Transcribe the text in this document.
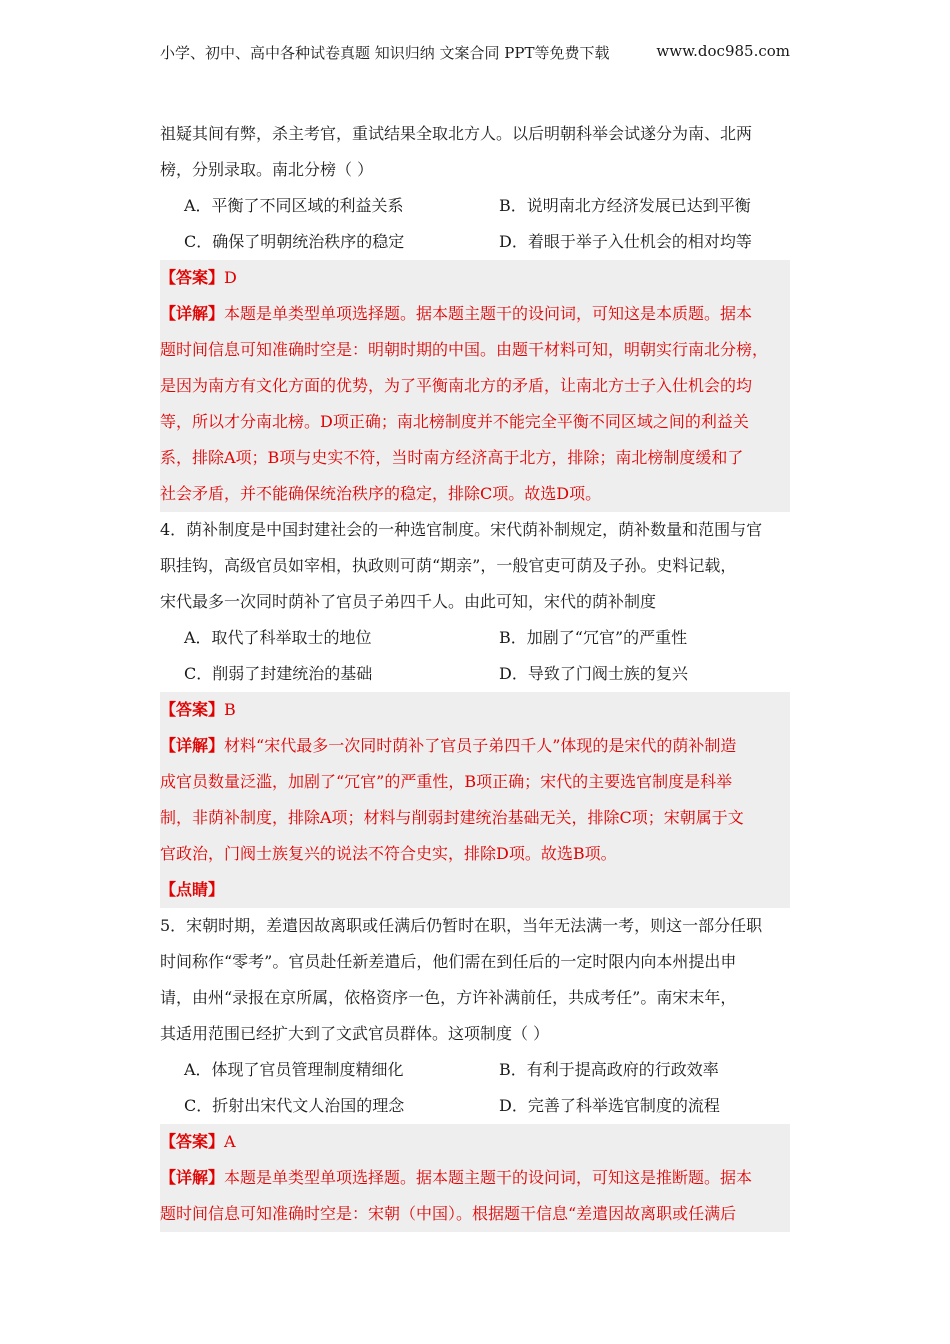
小学、初中、高中各种试卷真题 知识归纳 文案合同 PPT等免费下载	www.doc985.com

祖疑其间有弊，杀主考官，重试结果全取北方人。以后明朝科举会试遂分为南、北两

榜，分别录取。南北分榜（ ）

A．平衡了不同区域的利益关系	B．说明南北方经济发展已达到平衡
C．确保了明朝统治秩序的稳定	D．着眼于举子入仕机会的相对均等

【答案】D

【详解】本题是单类型单项选择题。据本题主题干的设问词，可知这是本质题。据本

题时间信息可知准确时空是：明朝时期的中国。由题干材料可知，明朝实行南北分榜，

是因为南方有文化方面的优势，为了平衡南北方的矛盾，让南北方士子入仕机会的均

等，所以才分南北榜。D项正确；南北榜制度并不能完全平衡不同区域之间的利益关

系，排除A项；B项与史实不符，当时南方经济高于北方，排除；南北榜制度缓和了

社会矛盾，并不能确保统治秩序的稳定，排除C项。故选D项。

4．荫补制度是中国封建社会的一种选官制度。宋代荫补制规定，荫补数量和范围与官

职挂钩，高级官员如宰相，执政则可荫“期亲”，一般官吏可荫及子孙。史料记载，

宋代最多一次同时荫补了官员子弟四千人。由此可知，宋代的荫补制度

A．取代了科举取士的地位	B．加剧了“冗官”的严重性
C．削弱了封建统治的基础	D．导致了门阀士族的复兴

【答案】B

【详解】材料“宋代最多一次同时荫补了官员子弟四千人”体现的是宋代的荫补制造

成官员数量泛滥，加剧了“冗官”的严重性，B项正确；宋代的主要选官制度是科举

制，非荫补制度，排除A项；材料与削弱封建统治基础无关，排除C项；宋朝属于文

官政治，门阀士族复兴的说法不符合史实，排除D项。故选B项。

【点睛】

5．宋朝时期，差遣因故离职或任满后仍暂时在职，当年无法满一考，则这一部分任职

时间称作“零考”。官员赴任新差遣后，他们需在到任后的一定时限内向本州提出申

请，由州“录报在京所属，依格资序一色，方许补满前任，共成考任”。南宋末年，

其适用范围已经扩大到了文武官员群体。这项制度（ ）

A．体现了官员管理制度精细化	B．有利于提高政府的行政效率
C．折射出宋代文人治国的理念	D．完善了科举选官制度的流程

【答案】A

【详解】本题是单类型单项选择题。据本题主题干的设问词，可知这是推断题。据本

题时间信息可知准确时空是：宋朝（中国）。根据题干信息“差遣因故离职或任满后
